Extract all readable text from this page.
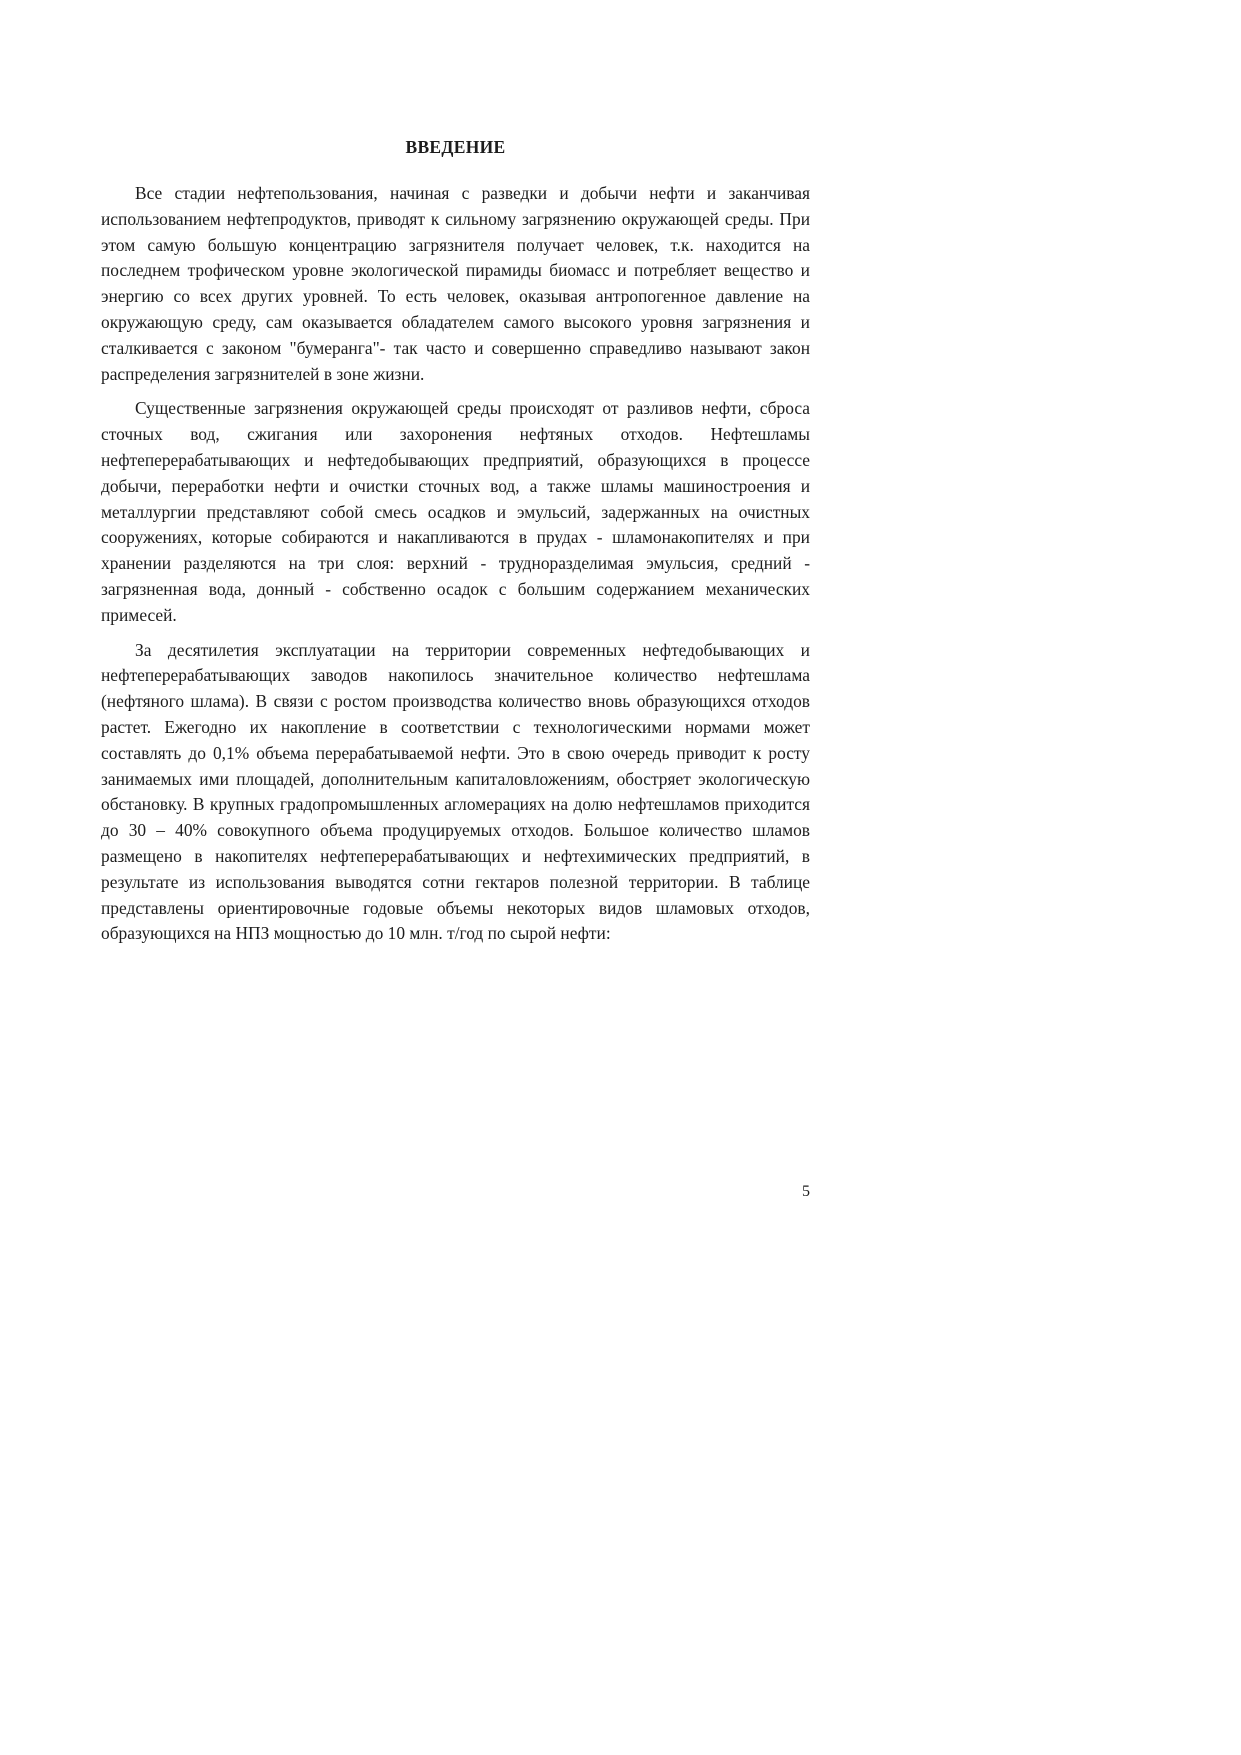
ВВЕДЕНИЕ

Все стадии нефтепользования, начиная с разведки и добычи нефти и заканчивая использованием нефтепродуктов, приводят к сильному загрязнению окружающей среды. При этом самую большую концентрацию загрязнителя получает человек, т.к. находится на последнем трофическом уровне экологической пирамиды биомасс и потребляет вещество и энергию со всех других уровней. То есть человек, оказывая антропогенное давление на окружающую среду, сам оказывается обладателем самого высокого уровня загрязнения и сталкивается с законом "бумеранга"- так часто и совершенно справедливо называют закон распределения загрязнителей в зоне жизни.

Существенные загрязнения окружающей среды происходят от разливов нефти, сброса сточных вод, сжигания или захоронения нефтяных отходов. Нефтешламы нефтеперерабатывающих и нефтедобывающих предприятий, образующихся в процессе добычи, переработки нефти и очистки сточных вод, а также шламы машиностроения и металлургии представляют собой смесь осадков и эмульсий, задержанных на очистных сооружениях, которые собираются и накапливаются в прудах - шламонакопителях и при хранении разделяются на три слоя: верхний - трудноразделимая эмульсия, средний - загрязненная вода, донный - собственно осадок с большим содержанием механических примесей.

За десятилетия эксплуатации на территории современных нефтедобывающих и нефтеперерабатывающих заводов накопилось значительное количество нефтешлама (нефтяного шлама). В связи с ростом производства количество вновь образующихся отходов растет. Ежегодно их накопление в соответствии с технологическими нормами может составлять до 0,1% объема перерабатываемой нефти. Это в свою очередь приводит к росту занимаемых ими площадей, дополнительным капиталовложениям, обостряет экологическую обстановку. В крупных градопромышленных агломерациях на долю нефтешламов приходится до 30 – 40% совокупного объема продуцируемых отходов. Большое количество шламов размещено в накопителях нефтеперерабатывающих и нефтехимических предприятий, в результате из использования выводятся сотни гектаров полезной территории. В таблице представлены ориентировочные годовые объемы некоторых видов шламовых отходов, образующихся на НПЗ мощностью до 10 млн. т/год по сырой нефти:

5
